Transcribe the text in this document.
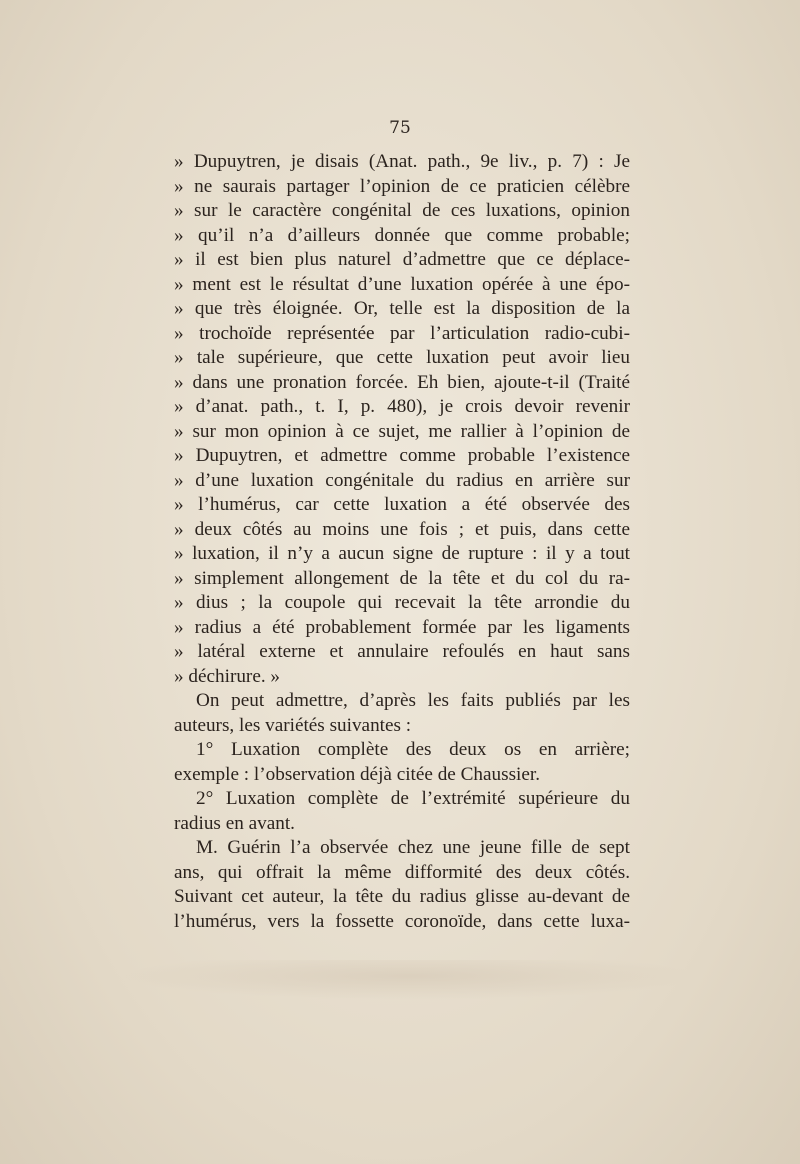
75
» Dupuytren, je disais (Anat. path., 9e liv., p. 7) : Je
» ne saurais partager l’opinion de ce praticien célèbre
» sur le caractère congénital de ces luxations, opinion
» qu’il n’a d’ailleurs donnée que comme probable;
» il est bien plus naturel d’admettre que ce déplace-
» ment est le résultat d’une luxation opérée à une épo-
» que très éloignée. Or, telle est la disposition de la
» trochoïde représentée par l’articulation radio-cubi-
» tale supérieure, que cette luxation peut avoir lieu
» dans une pronation forcée. Eh bien, ajoute-t-il (Traité
» d’anat. path., t. I, p. 480), je crois devoir revenir
» sur mon opinion à ce sujet, me rallier à l’opinion de
» Dupuytren, et admettre comme probable l’existence
» d’une luxation congénitale du radius en arrière sur
» l’humérus, car cette luxation a été observée des
» deux côtés au moins une fois ; et puis, dans cette
» luxation, il n’y a aucun signe de rupture : il y a tout
» simplement allongement de la tête et du col du ra-
» dius ; la coupole qui recevait la tête arrondie du
» radius a été probablement formée par les ligaments
» latéral externe et annulaire refoulés en haut sans
» déchirure. »
On peut admettre, d’après les faits publiés par les
auteurs, les variétés suivantes :
1° Luxation complète des deux os en arrière;
exemple : l’observation déjà citée de Chaussier.
2° Luxation complète de l’extrémité supérieure du
radius en avant.
M. Guérin l’a observée chez une jeune fille de sept
ans, qui offrait la même difformité des deux côtés.
Suivant cet auteur, la tête du radius glisse au-devant de
l’humérus, vers la fossette coronoïde, dans cette luxa-
